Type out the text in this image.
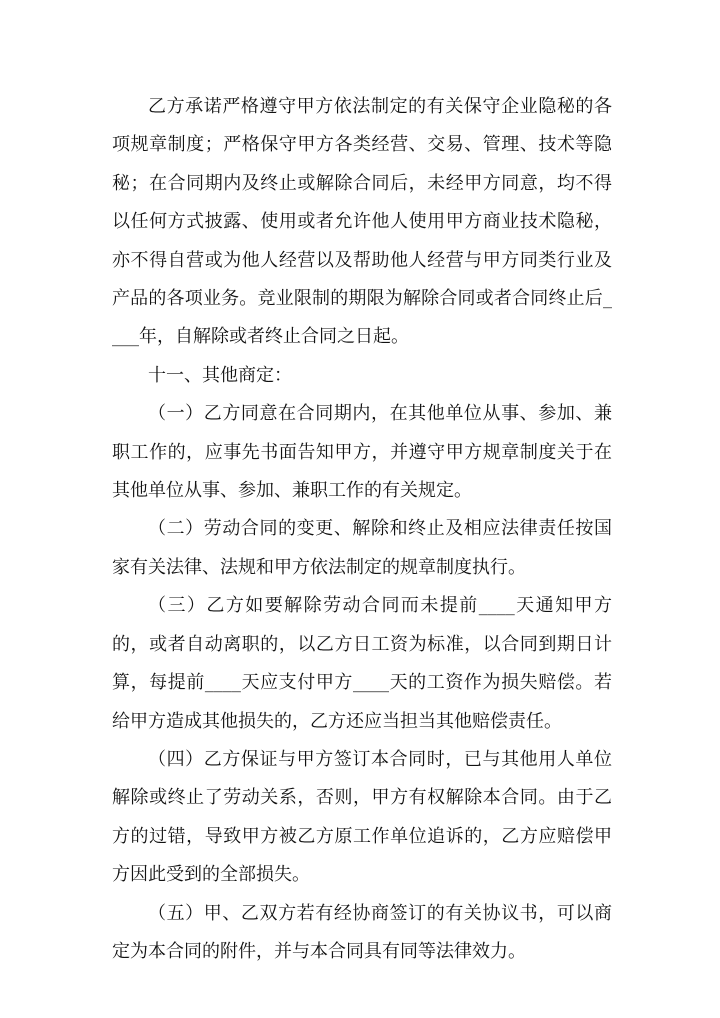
乙方承诺严格遵守甲方依法制定的有关保守企业隐秘的各项规章制度；严格保守甲方各类经营、交易、管理、技术等隐秘；在合同期内及终止或解除合同后，未经甲方同意，均不得以任何方式披露、使用或者允许他人使用甲方商业技术隐秘，亦不得自营或为他人经营以及帮助他人经营与甲方同类行业及产品的各项业务。竞业限制的期限为解除合同或者合同终止后____年，自解除或者终止合同之日起。

十一、其他商定：

（一）乙方同意在合同期内，在其他单位从事、参加、兼职工作的，应事先书面告知甲方，并遵守甲方规章制度关于在其他单位从事、参加、兼职工作的有关规定。

（二）劳动合同的变更、解除和终止及相应法律责任按国家有关法律、法规和甲方依法制定的规章制度执行。

（三）乙方如要解除劳动合同而未提前____天通知甲方的，或者自动离职的，以乙方日工资为标准，以合同到期日计算，每提前____天应支付甲方____天的工资作为损失赔偿。若给甲方造成其他损失的，乙方还应当担当其他赔偿责任。

（四）乙方保证与甲方签订本合同时，已与其他用人单位解除或终止了劳动关系，否则，甲方有权解除本合同。由于乙方的过错，导致甲方被乙方原工作单位追诉的，乙方应赔偿甲方因此受到的全部损失。

（五）甲、乙双方若有经协商签订的有关协议书，可以商定为本合同的附件，并与本合同具有同等法律效力。
